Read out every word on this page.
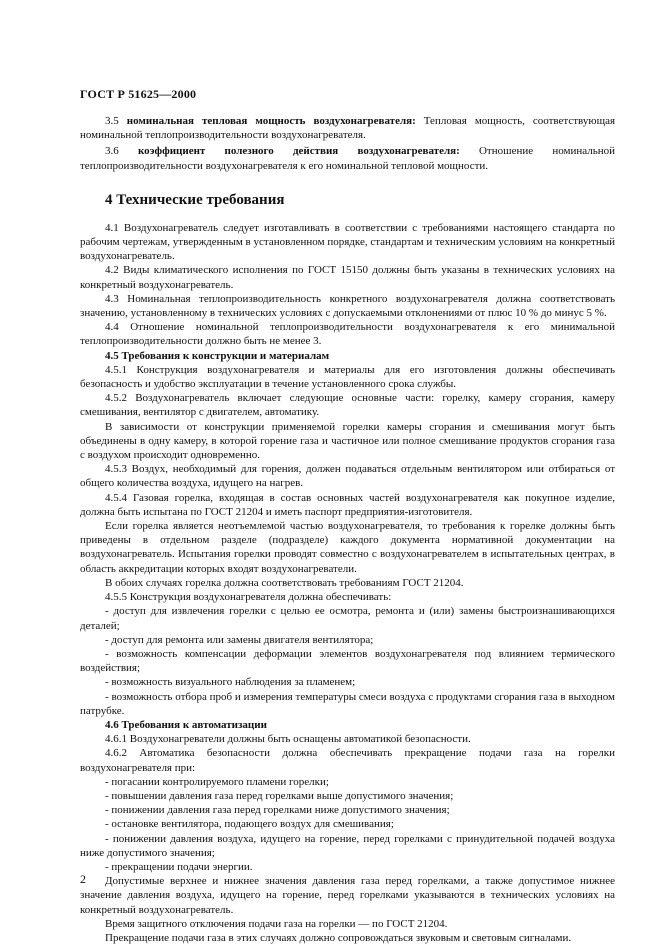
ГОСТ Р 51625—2000

3.5 номинальная тепловая мощность воздухонагревателя: Тепловая мощность, соответствующая номинальной теплопроизводительности воздухонагревателя.

3.6 коэффициент полезного действия воздухонагревателя: Отношение номинальной теплопроизводительности воздухонагревателя к его номинальной тепловой мощности.

4 Технические требования

4.1 Воздухонагреватель следует изготавливать в соответствии с требованиями настоящего стандарта по рабочим чертежам, утвержденным в установленном порядке, стандартам и техническим условиям на конкретный воздухонагреватель.

4.2 Виды климатического исполнения по ГОСТ 15150 должны быть указаны в технических условиях на конкретный воздухонагреватель.

4.3 Номинальная теплопроизводительность конкретного воздухонагревателя должна соответствовать значению, установленному в технических условиях с допускаемыми отклонениями от плюс 10 % до минус 5 %.

4.4 Отношение номинальной теплопроизводительности воздухонагревателя к его минимальной теплопроизводительности должно быть не менее 3.

4.5 Требования к конструкции и материалам

4.5.1 Конструкция воздухонагревателя и материалы для его изготовления должны обеспечивать безопасность и удобство эксплуатации в течение установленного срока службы.

4.5.2 Воздухонагреватель включает следующие основные части: горелку, камеру сгорания, камеру смешивания, вентилятор с двигателем, автоматику.

В зависимости от конструкции применяемой горелки камеры сгорания и смешивания могут быть объединены в одну камеру, в которой горение газа и частичное или полное смешивание продуктов сгорания газа с воздухом происходит одновременно.

4.5.3 Воздух, необходимый для горения, должен подаваться отдельным вентилятором или отбираться от общего количества воздуха, идущего на нагрев.

4.5.4 Газовая горелка, входящая в состав основных частей воздухонагревателя как покупное изделие, должна быть испытана по ГОСТ 21204 и иметь паспорт предприятия-изготовителя.

Если горелка является неотъемлемой частью воздухонагревателя, то требования к горелке должны быть приведены в отдельном разделе (подразделе) каждого документа нормативной документации на воздухонагреватель. Испытания горелки проводят совместно с воздухонагревателем в испытательных центрах, в область аккредитации которых входят воздухонагреватели.

В обоих случаях горелка должна соответствовать требованиям ГОСТ 21204.

4.5.5 Конструкция воздухонагревателя должна обеспечивать:

- доступ для извлечения горелки с целью ее осмотра, ремонта и (или) замены быстроизнашивающихся деталей;

- доступ для ремонта или замены двигателя вентилятора;

- возможность компенсации деформации элементов воздухонагревателя под влиянием термического воздействия;

- возможность визуального наблюдения за пламенем;

- возможность отбора проб и измерения температуры смеси воздуха с продуктами сгорания газа в выходном патрубке.

4.6 Требования к автоматизации

4.6.1 Воздухонагреватели должны быть оснащены автоматикой безопасности.

4.6.2 Автоматика безопасности должна обеспечивать прекращение подачи газа на горелки воздухонагревателя при:

- погасании контролируемого пламени горелки;

- повышении давления газа перед горелками выше допустимого значения;

- понижении давления газа перед горелками ниже допустимого значения;

- остановке вентилятора, подающего воздух для смешивания;

- понижении давления воздуха, идущего на горение, перед горелками с принудительной подачей воздуха ниже допустимого значения;

- прекращении подачи энергии.

Допустимые верхнее и нижнее значения давления газа перед горелками, а также допустимое нижнее значение давления воздуха, идущего на горение, перед горелками указываются в технических условиях на конкретный воздухонагреватель.

Время защитного отключения подачи газа на горелки — по ГОСТ 21204.

Прекращение подачи газа в этих случаях должно сопровождаться звуковым и световым сигналами.

2
